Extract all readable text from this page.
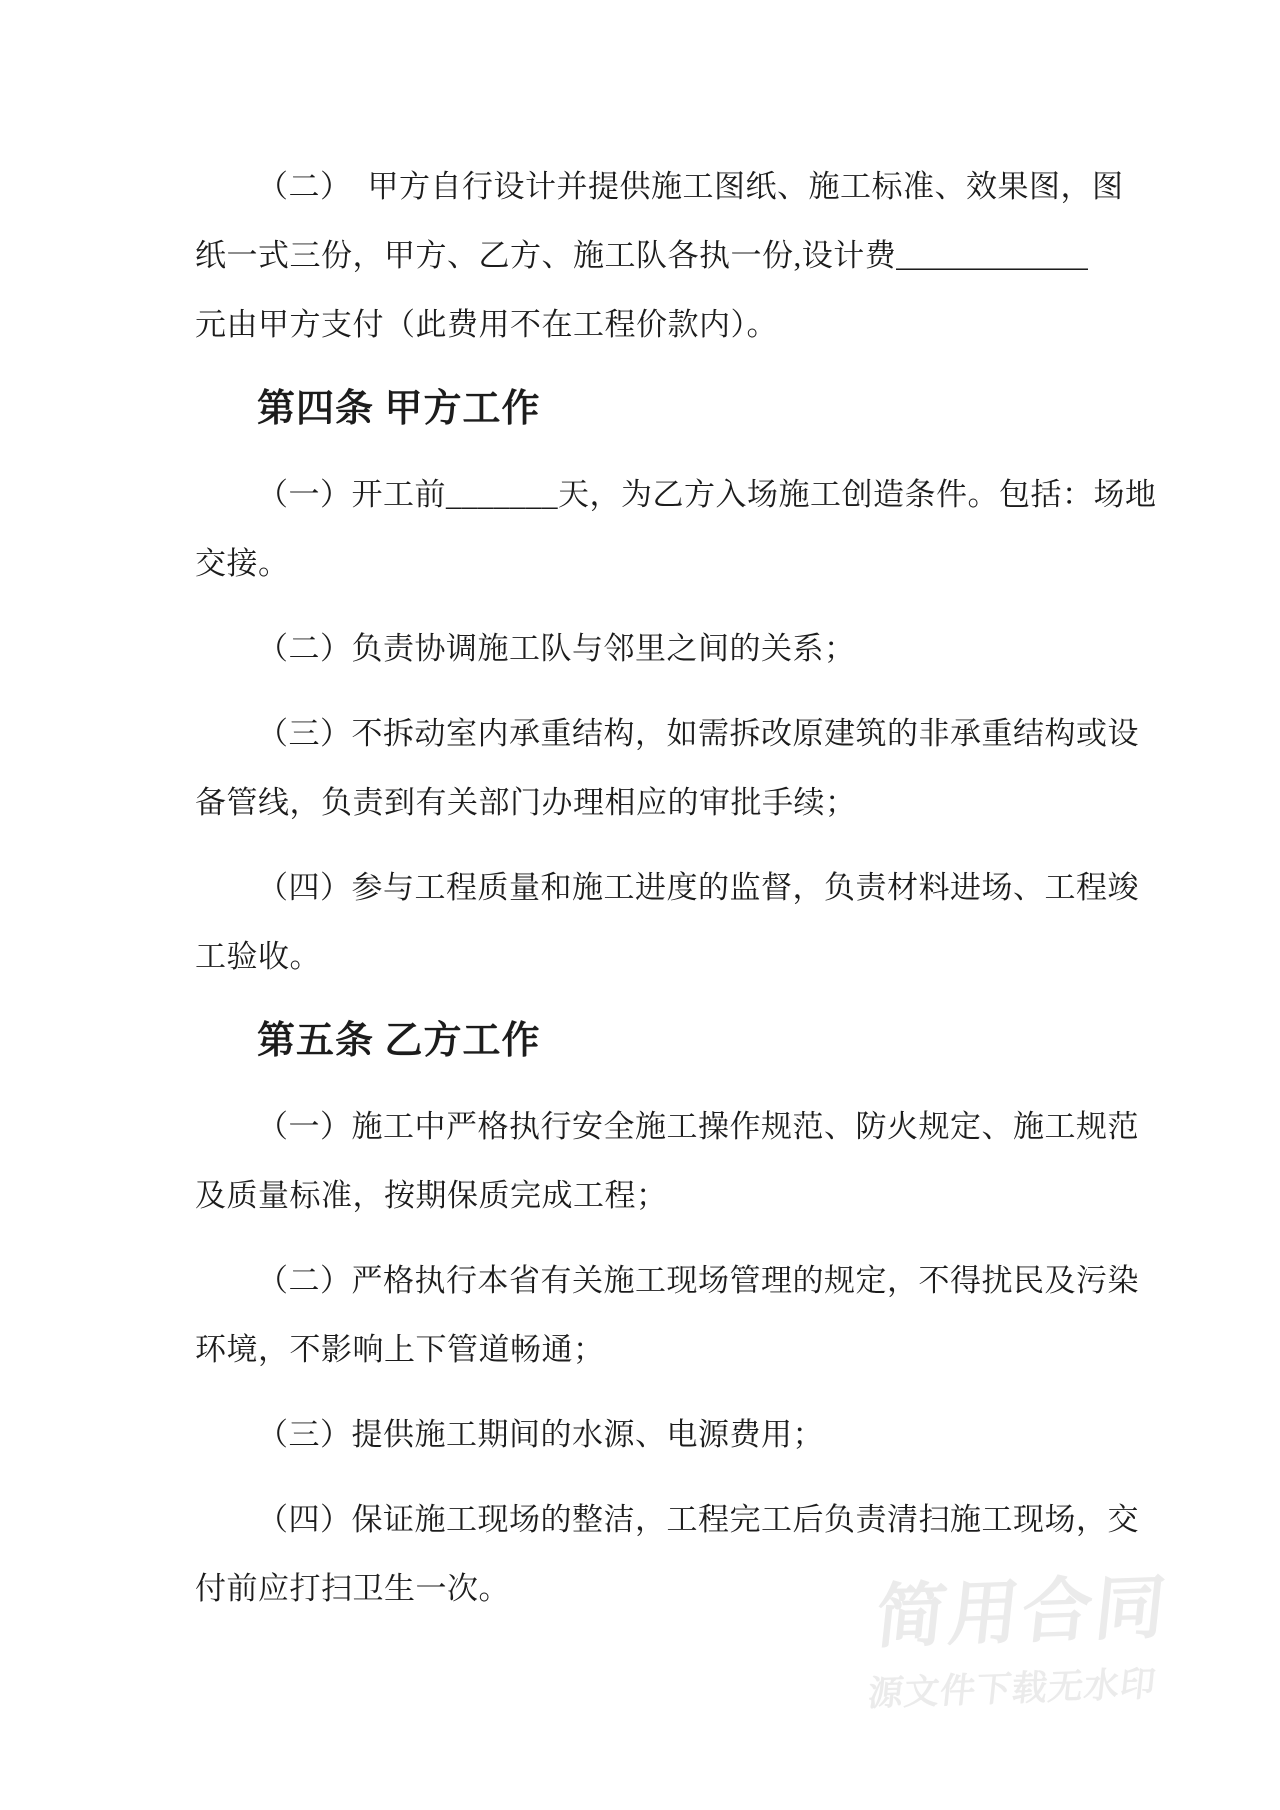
（二）　甲方自行设计并提供施工图纸、施工标准、效果图，图
纸一式三份，甲方、乙方、施工队各执一份,设计费____________
元由甲方支付（此费用不在工程价款内）。

第四条 甲方工作

（一）开工前_______天，为乙方入场施工创造条件。包括：场地
交接。

（二）负责协调施工队与邻里之间的关系；

（三）不拆动室内承重结构，如需拆改原建筑的非承重结构或设
备管线，负责到有关部门办理相应的审批手续；

（四）参与工程质量和施工进度的监督，负责材料进场、工程竣
工验收。

第五条 乙方工作

（一）施工中严格执行安全施工操作规范、防火规定、施工规范
及质量标准，按期保质完成工程；

（二）严格执行本省有关施工现场管理的规定，不得扰民及污染
环境，不影响上下管道畅通；

（三）提供施工期间的水源、电源费用；

（四）保证施工现场的整洁，工程完工后负责清扫施工现场，交
付前应打扫卫生一次。	简用合同
源文件下载无水印
